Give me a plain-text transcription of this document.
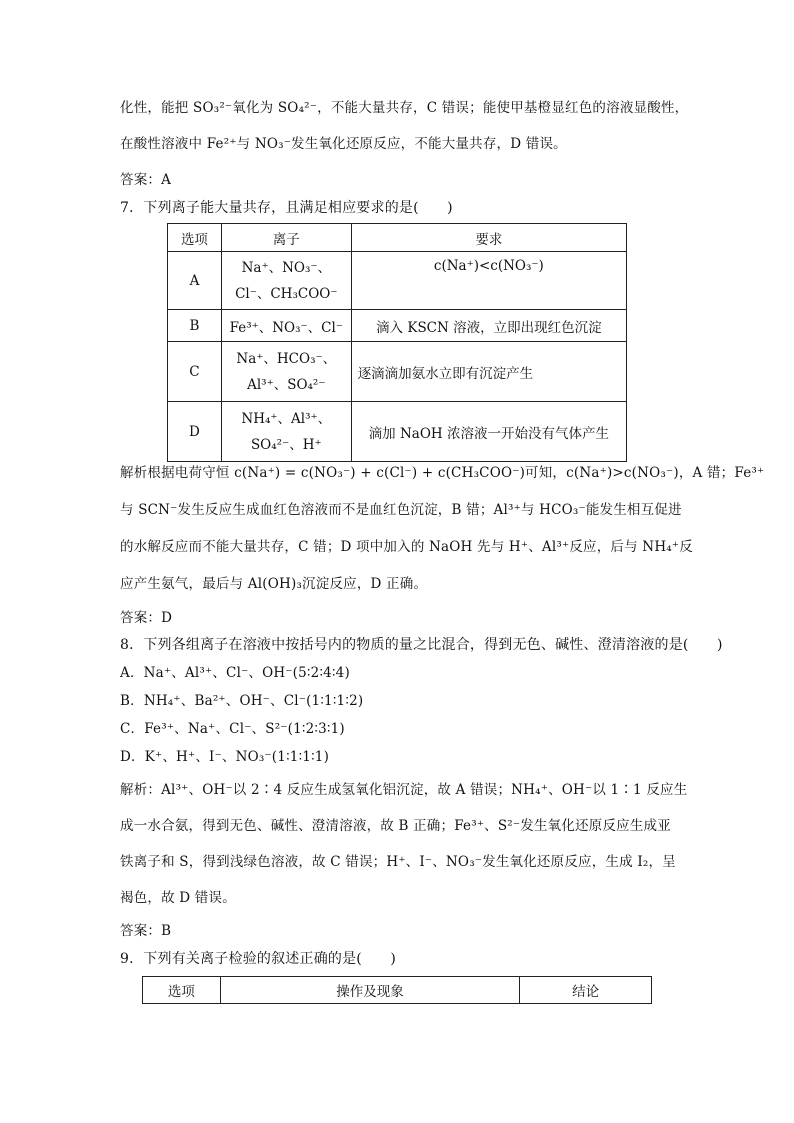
化性，能把 SO₃²⁻氧化为 SO₄²⁻，不能大量共存，C 错误；能使甲基橙显红色的溶液显酸性，
在酸性溶液中 Fe²⁺与 NO₃⁻发生氧化还原反应，不能大量共存，D 错误。
答案：A
7．下列离子能大量共存，且满足相应要求的是(　　)
选项	离子	要求
A	Na⁺、NO₃⁻、
Cl⁻、CH₃COO⁻	c(Na⁺)<c(NO₃⁻)
B	Fe³⁺、NO₃⁻、Cl⁻	滴入 KSCN 溶液，立即出现红色沉淀
C	Na⁺、HCO₃⁻、
Al³⁺、SO₄²⁻	逐滴滴加氨水立即有沉淀产生
D	NH₄⁺、Al³⁺、
SO₄²⁻、H⁺	滴加 NaOH 浓溶液一开始没有气体产生
解析根据电荷守恒 c(Na⁺) = c(NO₃⁻) + c(Cl⁻) + c(CH₃COO⁻)可知，c(Na⁺)>c(NO₃⁻)，A 错；Fe³⁺
与 SCN⁻发生反应生成血红色溶液而不是血红色沉淀，B 错；Al³⁺与 HCO₃⁻能发生相互促进
的水解反应而不能大量共存，C 错；D 项中加入的 NaOH 先与 H⁺、Al³⁺反应，后与 NH₄⁺反
应产生氨气，最后与 Al(OH)₃沉淀反应，D 正确。
答案：D
8．下列各组离子在溶液中按括号内的物质的量之比混合，得到无色、碱性、澄清溶液的是(　　)
A．Na⁺、Al³⁺、Cl⁻、OH⁻(5∶2∶4∶4)
B．NH₄⁺、Ba²⁺、OH⁻、Cl⁻(1∶1∶1∶2)
C．Fe³⁺、Na⁺、Cl⁻、S²⁻(1∶2∶3∶1)
D．K⁺、H⁺、I⁻、NO₃⁻(1∶1∶1∶1)
解析：Al³⁺、OH⁻以 2∶4 反应生成氢氧化铝沉淀，故 A 错误；NH₄⁺、OH⁻以 1∶1 反应生
成一水合氨，得到无色、碱性、澄清溶液，故 B 正确；Fe³⁺、S²⁻发生氧化还原反应生成亚
铁离子和 S，得到浅绿色溶液，故 C 错误；H⁺、I⁻、NO₃⁻发生氧化还原反应，生成 I₂，呈
褐色，故 D 错误。
答案：B
9．下列有关离子检验的叙述正确的是(　　)
选项	操作及现象	结论
